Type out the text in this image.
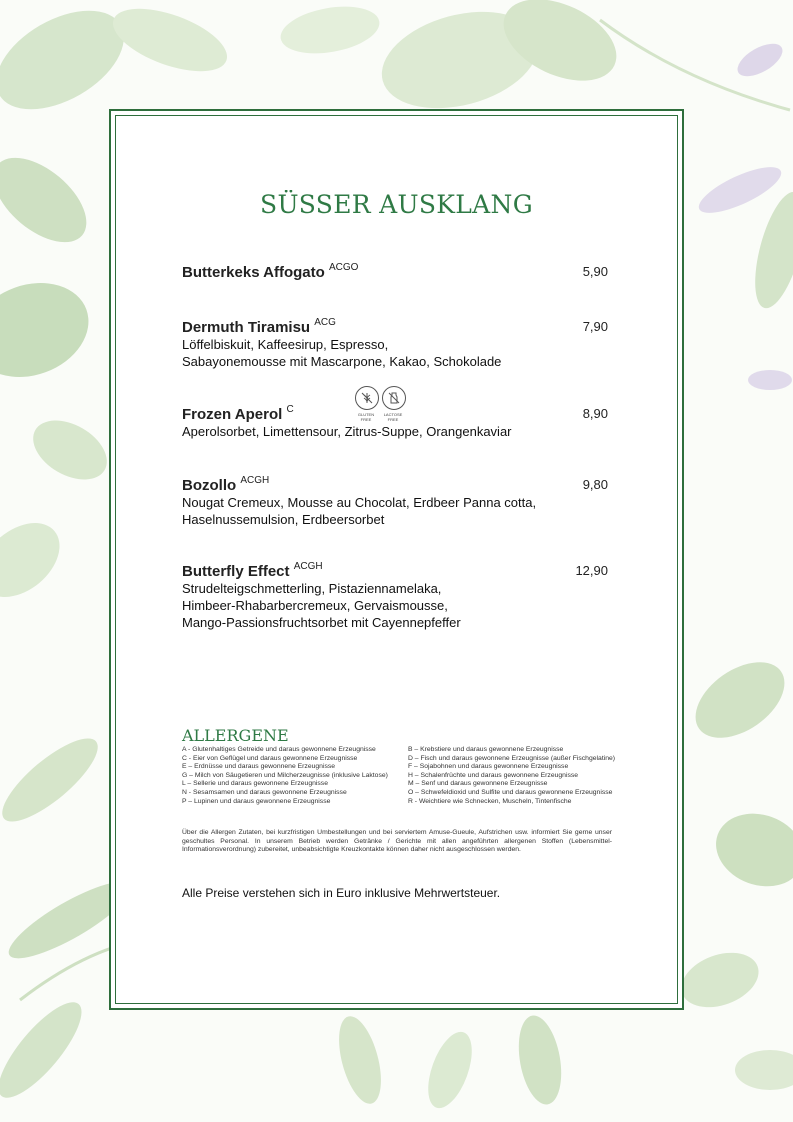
SÜSSER AUSKLANG
Butterkeks Affogato $^{ACGO}$	5,90
Dermuth Tiramisu $^{ACG}$	7,90
Löffelbiskuit, Kaffeesirup, Espresso,
Sabayonemousse mit Mascarpone, Kakao, Schokolade
GLUTEN FREE
LACTOSE FREE
Frozen Aperol $^C$	8,90
Aperolsorbet, Limettensour, Zitrus-Suppe, Orangenkaviar
Bozollo $^{ACGH}$	9,80
Nougat Cremeux, Mousse au Chocolat, Erdbeer Panna cotta,
Haselnussemulsion, Erdbeersorbet
Butterfly Effect $^{ACGH}$	12,90
Strudelteigschmetterling, Pistaziennamelaka,
Himbeer-Rhabarbercremeux, Gervaismousse,
Mango-Passionsfruchtsorbet mit Cayennepfeffer
ALLERGENE
A - Glutenhaltiges Getreide und daraus gewonnene Erzeugnisse
C - Eier von Geflügel und daraus gewonnene Erzeugnisse
E – Erdnüsse und daraus gewonnene Erzeugnisse
G – Milch von Säugetieren und Milcherzeugnisse (inklusive Laktose)
L – Sellerie und daraus gewonnene Erzeugnisse
N - Sesamsamen und daraus gewonnene Erzeugnisse
P – Lupinen und daraus gewonnene Erzeugnisse
B – Krebstiere und daraus gewonnene Erzeugnisse
D – Fisch und daraus gewonnene Erzeugnisse (außer Fischgelatine)
F – Sojabohnen und daraus gewonnene Erzeugnisse
H – Schalenfrüchte und daraus gewonnene Erzeugnisse
M – Senf und daraus gewonnene Erzeugnisse
O – Schwefeldioxid und Sulfite und daraus gewonnene Erzeugnisse
R - Weichtiere wie Schnecken, Muscheln, Tintenfische
Über die Allergen Zutaten, bei kurzfristigen Umbestellungen und bei serviertem Amuse-Gueule, Aufstrichen usw. informiert Sie gerne unser geschultes Personal. In unserem Betrieb werden Getränke / Gerichte mit allen angeführten allergenen Stoffen (Lebensmittel-Informationsverordnung) zubereitet, unbeabsichtigte Kreuzkontakte können daher nicht ausgeschlossen werden.
Alle Preise verstehen sich in Euro inklusive Mehrwertsteuer.
